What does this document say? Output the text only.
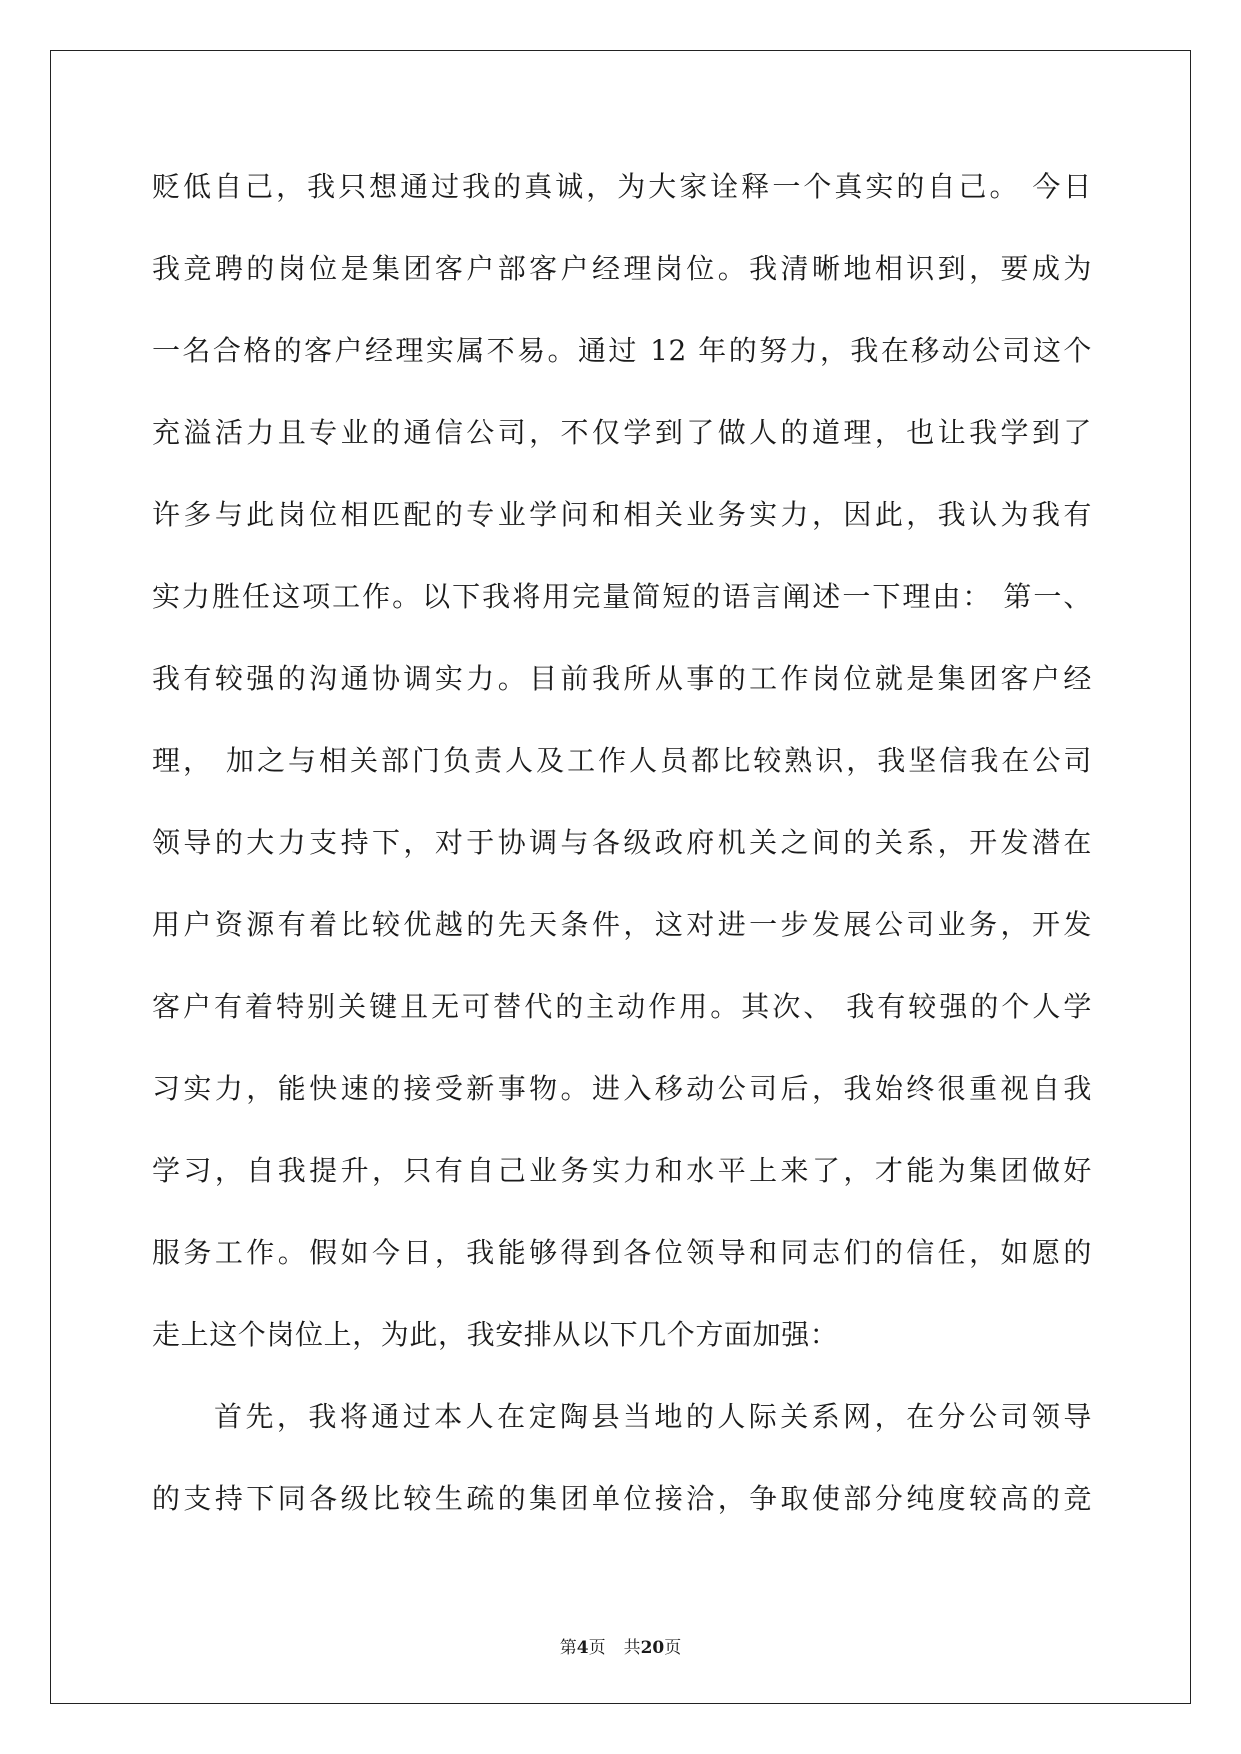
贬低自己，我只想通过我的真诚，为大家诠释一个真实的自己。 今日
我竞聘的岗位是集团客户部客户经理岗位。我清晰地相识到，要成为
一名合格的客户经理实属不易。通过 12 年的努力，我在移动公司这个
充溢活力且专业的通信公司，不仅学到了做人的道理，也让我学到了
许多与此岗位相匹配的专业学问和相关业务实力，因此，我认为我有
实力胜任这项工作。以下我将用完量简短的语言阐述一下理由： 第一、
我有较强的沟通协调实力。目前我所从事的工作岗位就是集团客户经
理， 加之与相关部门负责人及工作人员都比较熟识，我坚信我在公司
领导的大力支持下，对于协调与各级政府机关之间的关系，开发潜在
用户资源有着比较优越的先天条件，这对进一步发展公司业务，开发
客户有着特别关键且无可替代的主动作用。其次、 我有较强的个人学
习实力，能快速的接受新事物。进入移动公司后，我始终很重视自我
学习，自我提升，只有自己业务实力和水平上来了，才能为集团做好
服务工作。假如今日，我能够得到各位领导和同志们的信任，如愿的
走上这个岗位上，为此，我安排从以下几个方面加强：
首先，我将通过本人在定陶县当地的人际关系网，在分公司领导
的支持下同各级比较生疏的集团单位接洽，争取使部分纯度较高的竞
第4页 共20页
